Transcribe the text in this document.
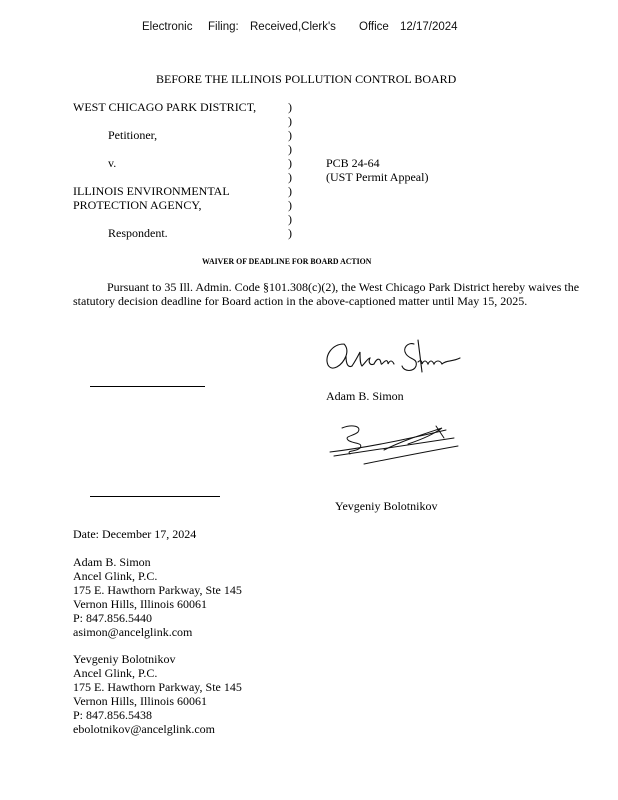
Electronic Filing: Received,Clerk's Office 12/17/2024
BEFORE THE ILLINOIS POLLUTION CONTROL BOARD
WEST CHICAGO PARK DISTRICT,
Petitioner,
v.
ILLINOIS ENVIRONMENTAL
PROTECTION AGENCY,
Respondent.
)
)
)
)
)
)
)
)
)
)
PCB 24-64
(UST Permit Appeal)
WAIVER OF DEADLINE FOR BOARD ACTION
Pursuant to 35 Ill. Admin. Code §101.308(c)(2), the West Chicago Park District hereby waives the statutory decision deadline for Board action in the above-captioned matter until May 15, 2025.
Adam B. Simon
Yevgeniy Bolotnikov
Date: December 17, 2024
Adam B. Simon
Ancel Glink, P.C.
175 E. Hawthorn Parkway, Ste 145
Vernon Hills, Illinois 60061
P: 847.856.5440
asimon@ancelglink.com
Yevgeniy Bolotnikov
Ancel Glink, P.C.
175 E. Hawthorn Parkway, Ste 145
Vernon Hills, Illinois 60061
P: 847.856.5438
ebolotnikov@ancelglink.com
